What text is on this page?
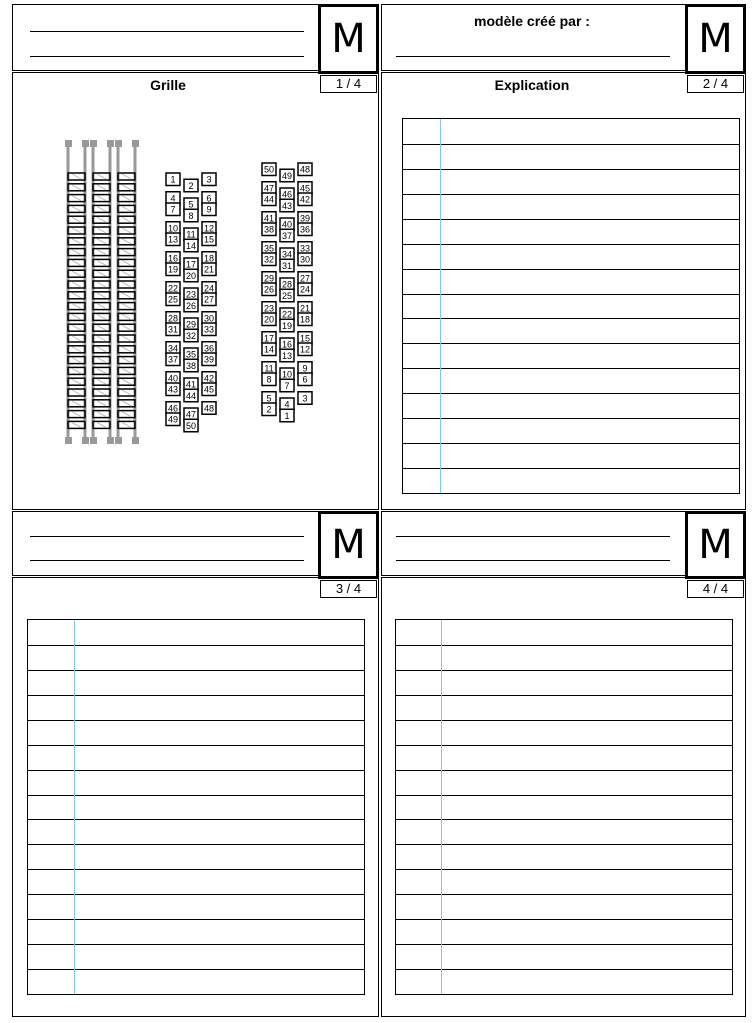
M	modèle créé par :	M
Grille
1
2
3
4
5
6
7
8
9
10
11
12
13
14
15
16
17
18
19
20
21
22
23
24
25
26
27
28
29
30
31
32
33
34
35
36
37
38
39
40
41
42
43
44
45
46
47
48
49
50
50
49
48
47
46
45
44
43
42
41
40
39
38
37
36
35
34
33
32
31
30
29
28
27
26
25
24
23
22
21
20
19
18
17
16
15
14
13
12
11
10
9
8
7
6
5
4
3
2
1
1 / 4	Explication	2 / 4
M	M
3 / 4	4 / 4
